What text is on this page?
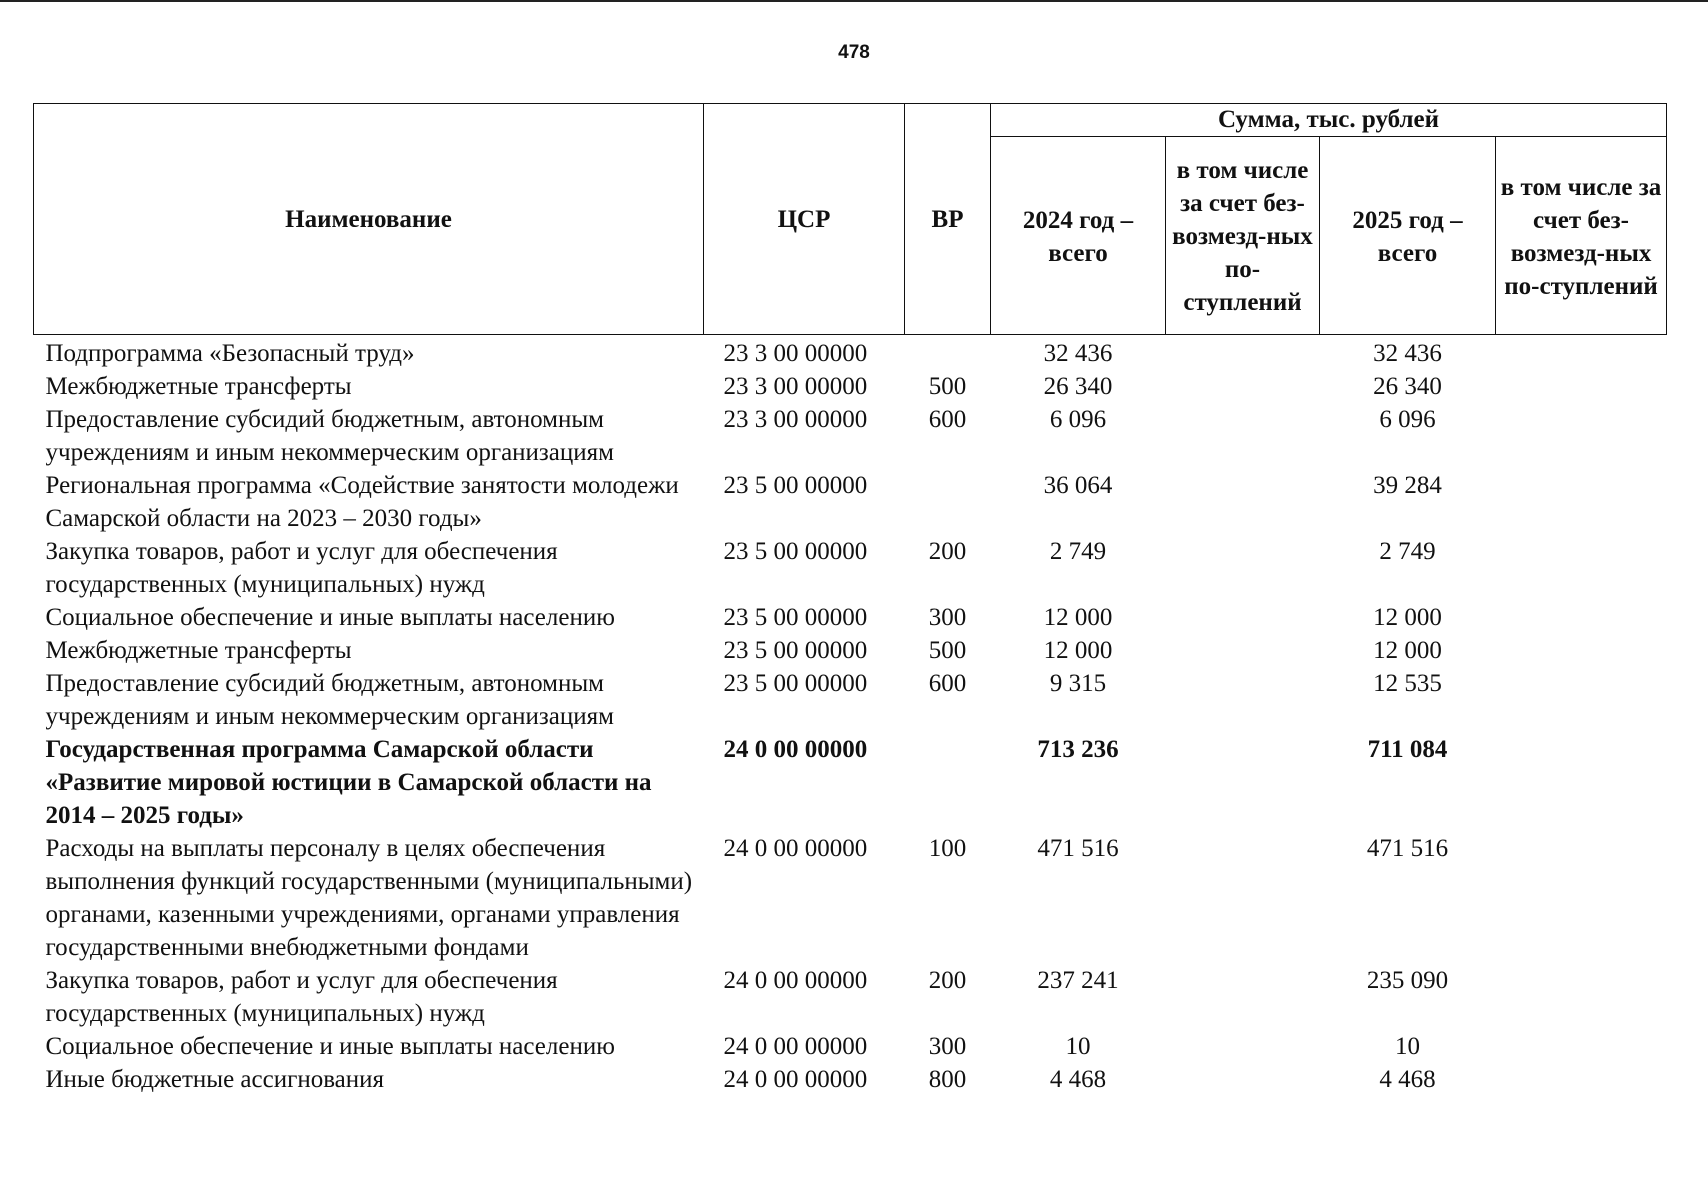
478
Наименование	ЦСР	ВР	Сумма, тыс. рублей			
			2024 год – всего	в том числе за счет без-возмезд-ных по-ступлений	2025 год – всего	в том числе за счет без-возмезд-ных по-ступлений
Подпрограмма «Безопасный труд»	23 3 00 00000		32 436		32 436	
Межбюджетные трансферты	23 3 00 00000	500	26 340		26 340	
Предоставление субсидий бюджетным, автономным учреждениям и иным некоммерческим организациям	23 3 00 00000	600	6 096		6 096	
Региональная программа «Содействие занятости молодежи Самарской области на 2023 – 2030 годы»	23 5 00 00000		36 064		39 284	
Закупка товаров, работ и услуг для обеспечения государственных (муниципальных) нужд	23 5 00 00000	200	2 749		2 749	
Социальное обеспечение и иные выплаты населению	23 5 00 00000	300	12 000		12 000	
Межбюджетные трансферты	23 5 00 00000	500	12 000		12 000	
Предоставление субсидий бюджетным, автономным учреждениям и иным некоммерческим организациям	23 5 00 00000	600	9 315		12 535	
Государственная программа Самарской области «Развитие мировой юстиции в Самарской области на 2014 – 2025 годы»	24 0 00 00000		713 236		711 084	
Расходы на выплаты персоналу в целях обеспечения выполнения функций государственными (муниципальными) органами, казенными учреждениями, органами управления государственными внебюджетными фондами	24 0 00 00000	100	471 516		471 516	
Закупка товаров, работ и услуг для обеспечения государственных (муниципальных) нужд	24 0 00 00000	200	237 241		235 090	
Социальное обеспечение и иные выплаты населению	24 0 00 00000	300	10		10	
Иные бюджетные ассигнования	24 0 00 00000	800	4 468		4 468	
